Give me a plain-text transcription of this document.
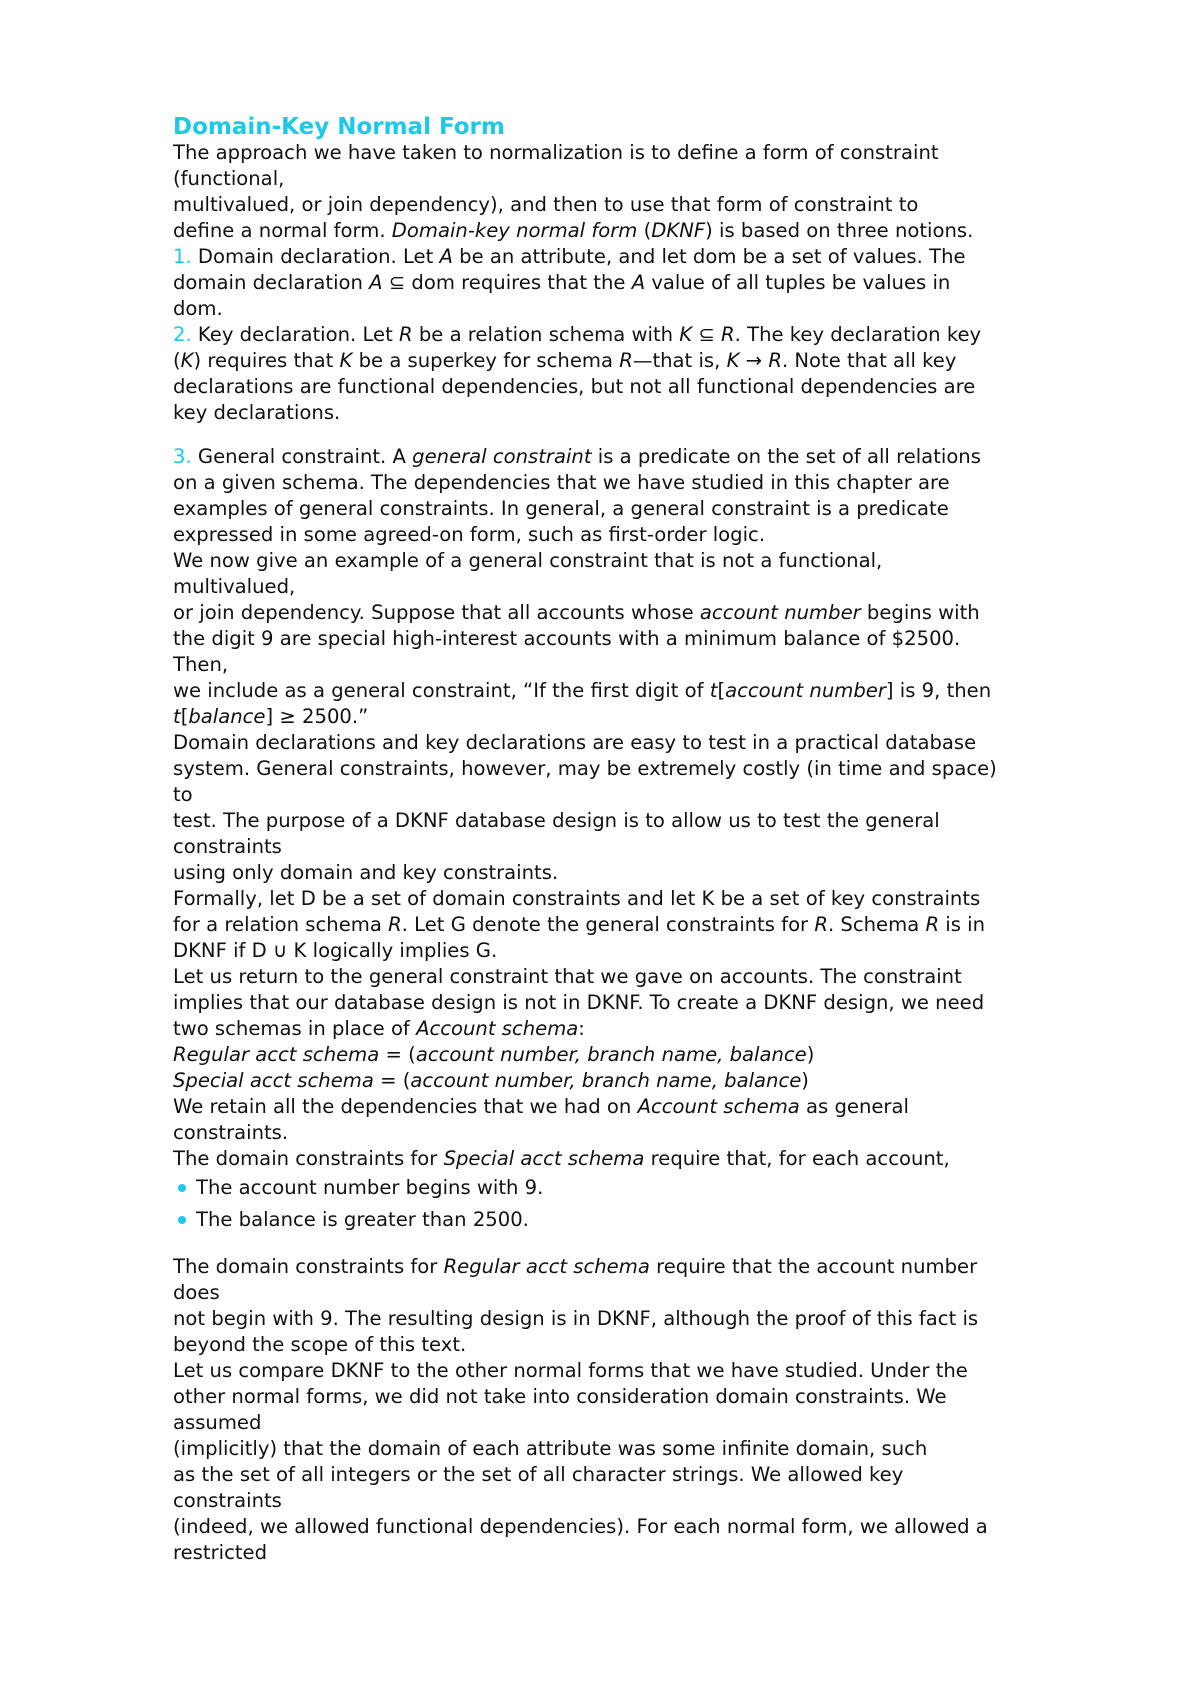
Domain-Key Normal Form
The approach we have taken to normalization is to define a form of constraint
(functional,
multivalued, or join dependency), and then to use that form of constraint to
define a normal form. Domain-key normal form (DKNF) is based on three notions.
1. Domain declaration. Let A be an attribute, and let dom be a set of values. The
domain declaration A ⊆ dom requires that the A value of all tuples be values in
dom.
2. Key declaration. Let R be a relation schema with K ⊆ R. The key declaration key
(K) requires that K be a superkey for schema R—that is, K → R. Note that all key
declarations are functional dependencies, but not all functional dependencies are
key declarations.
3. General constraint. A general constraint is a predicate on the set of all relations
on a given schema. The dependencies that we have studied in this chapter are
examples of general constraints. In general, a general constraint is a predicate
expressed in some agreed-on form, such as first-order logic.
We now give an example of a general constraint that is not a functional,
multivalued,
or join dependency. Suppose that all accounts whose account number begins with
the digit 9 are special high-interest accounts with a minimum balance of $2500.
Then,
we include as a general constraint, “If the first digit of t[account number] is 9, then
t[balance] ≥ 2500.”
Domain declarations and key declarations are easy to test in a practical database
system. General constraints, however, may be extremely costly (in time and space)
to
test. The purpose of a DKNF database design is to allow us to test the general
constraints
using only domain and key constraints.
Formally, let D be a set of domain constraints and let K be a set of key constraints
for a relation schema R. Let G denote the general constraints for R. Schema R is in
DKNF if D ∪ K logically implies G.
Let us return to the general constraint that we gave on accounts. The constraint
implies that our database design is not in DKNF. To create a DKNF design, we need
two schemas in place of Account schema:
Regular acct schema = (account number, branch name, balance)
Special acct schema = (account number, branch name, balance)
We retain all the dependencies that we had on Account schema as general
constraints.
The domain constraints for Special acct schema require that, for each account,
The account number begins with 9.
The balance is greater than 2500.
The domain constraints for Regular acct schema require that the account number
does
not begin with 9. The resulting design is in DKNF, although the proof of this fact is
beyond the scope of this text.
Let us compare DKNF to the other normal forms that we have studied. Under the
other normal forms, we did not take into consideration domain constraints. We
assumed
(implicitly) that the domain of each attribute was some infinite domain, such
as the set of all integers or the set of all character strings. We allowed key
constraints
(indeed, we allowed functional dependencies). For each normal form, we allowed a
restricted
